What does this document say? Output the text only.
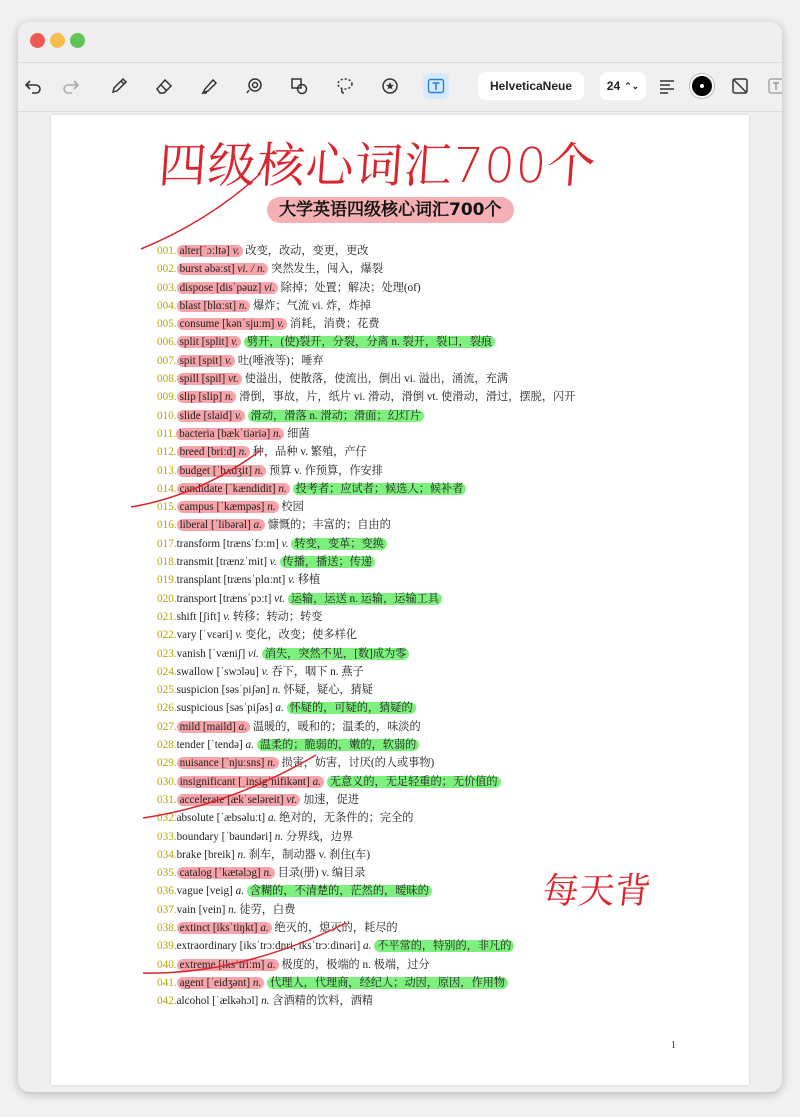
HelveticaNeue	24 ⌃⌄
四级核心词汇700个
大学英语四级核心词汇700个
001. alter[ˈɔːltə] v. 改变，改动，变更，更改
002. burst əbəːst] vi. / n. 突然发生，闯入，爆裂
003. dispose [disˈpəuz] vi. 除掉；处置；解决；处理(of)
004. blast [blɑːst] n. 爆炸；气流 vi. 炸，炸掉
005. consume [kənˈsjuːm] v. 消耗，消费；花费
006. split [split] v. 劈开，(使)裂开，分裂，分离 n. 裂开，裂口，裂痕
007. spit [spit] v. 吐(唾液等)；唾弃
008. spill [spil] vt. 使溢出，使散落，使流出，倒出 vi. 溢出，涌流，充满
009. slip [slip] n. 滑倒，事故，片，纸片 vi. 滑动，滑倒 vt. 使滑动，滑过，摆脱，闪开
010. slide [slaid] v. 滑动，滑落 n. 滑动；滑面；幻灯片
011. bacteria [bækˈtiəriə] n. 细菌
012. breed [briːd] n. 种，品种 v. 繁殖，产仔
013. budget [ˈbʌdʒit] n. 预算 v. 作预算，作安排
014. candidate [ˈkændidit] n. 投考者；应试者；候选人；候补者
015. campus [ˈkæmpəs] n. 校园
016. liberal [ˈlibərəl] a. 慷慨的；丰富的；自由的
017.transform [trænsˈfɔːm] v. 转变，变革；变换
018.transmit [trænzˈmit] v. 传播，播送；传递
019.transplant [trænsˈplɑːnt] v. 移植
020.transport [trænsˈpɔːt] vt. 运输，运送 n. 运输，运输工具
021.shift [ʃift] v. 转移；转动；转变
022.vary [ˈvɛəri] v. 变化，改变；使多样化
023.vanish [ˈvæniʃ] vi. 消失，突然不见，[数]成为零
024.swallow [ˈswɔləu] v. 吞下，咽下 n. 燕子
025.suspicion [səsˈpiʃən] n. 怀疑，疑心，猜疑
026.suspicious [səsˈpiʃəs] a. 怀疑的，可疑的，猜疑的
027. mild [maild] a. 温暖的，暖和的；温柔的，味淡的
028.tender [ˈtendə] a. 温柔的；脆弱的，嫩的，软弱的
029. nuisance [ˈnjuːsns] n. 损害，妨害，讨厌(的人或事物)
030. insignificant [ˌinsigˈnifikənt] a. 无意义的，无足轻重的；无价值的
031. accelerate [ækˈseləreit] vt. 加速，促进
032.absolute [ˈæbsəluːt] a. 绝对的，无条件的；完全的
033.boundary [ˈbaundəri] n. 分界线，边界
034.brake [breik] n. 刹车，制动器 v. 刹住(车)
035. catalog [ˈkætəlɔg] n. 目录(册) v. 编目录
036.vague [veig] a. 含糊的，不清楚的，茫然的，暧昧的
037.vain [vein] n. 徒劳，白费
038. extinct [iksˈtiŋkt] a. 绝灭的，熄灭的，耗尽的
039.extraordinary [iksˈtrɔːdnri, iksˈtrɔːdinəri] a. 不平常的，特别的，非凡的
040. extreme [iksˈtriːm] a. 极度的，极端的 n. 极端，过分
041. agent [ˈeidʒənt] n. 代理人，代理商，经纪人；动因，原因，作用物
042.alcohol [ˈælkəhɔl] n. 含酒精的饮料，酒精
每天背
1
